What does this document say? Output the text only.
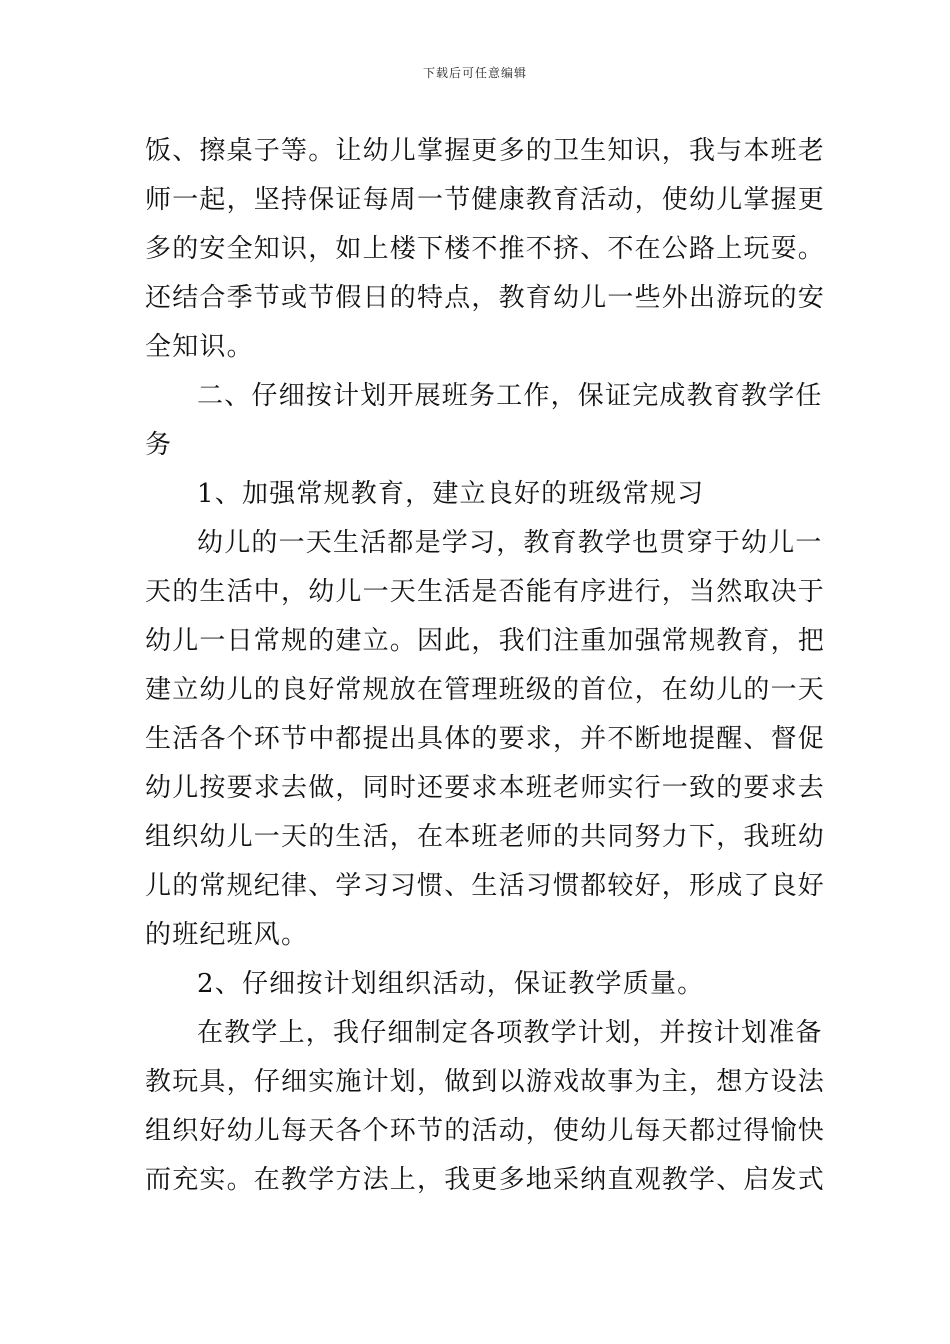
下载后可任意编辑
饭、擦桌子等。让幼儿掌握更多的卫生知识，我与本班老
师一起，坚持保证每周一节健康教育活动，使幼儿掌握更
多的安全知识，如上楼下楼不推不挤、不在公路上玩耍。
还结合季节或节假日的特点，教育幼儿一些外出游玩的安
全知识。
二、仔细按计划开展班务工作，保证完成教育教学任
务
1、加强常规教育，建立良好的班级常规习
幼儿的一天生活都是学习，教育教学也贯穿于幼儿一
天的生活中，幼儿一天生活是否能有序进行，当然取决于
幼儿一日常规的建立。因此，我们注重加强常规教育，把
建立幼儿的良好常规放在管理班级的首位，在幼儿的一天
生活各个环节中都提出具体的要求，并不断地提醒、督促
幼儿按要求去做，同时还要求本班老师实行一致的要求去
组织幼儿一天的生活，在本班老师的共同努力下，我班幼
儿的常规纪律、学习习惯、生活习惯都较好，形成了良好
的班纪班风。
2、仔细按计划组织活动，保证教学质量。
在教学上，我仔细制定各项教学计划，并按计划准备
教玩具，仔细实施计划，做到以游戏故事为主，想方设法
组织好幼儿每天各个环节的活动，使幼儿每天都过得愉快
而充实。在教学方法上，我更多地采纳直观教学、启发式
